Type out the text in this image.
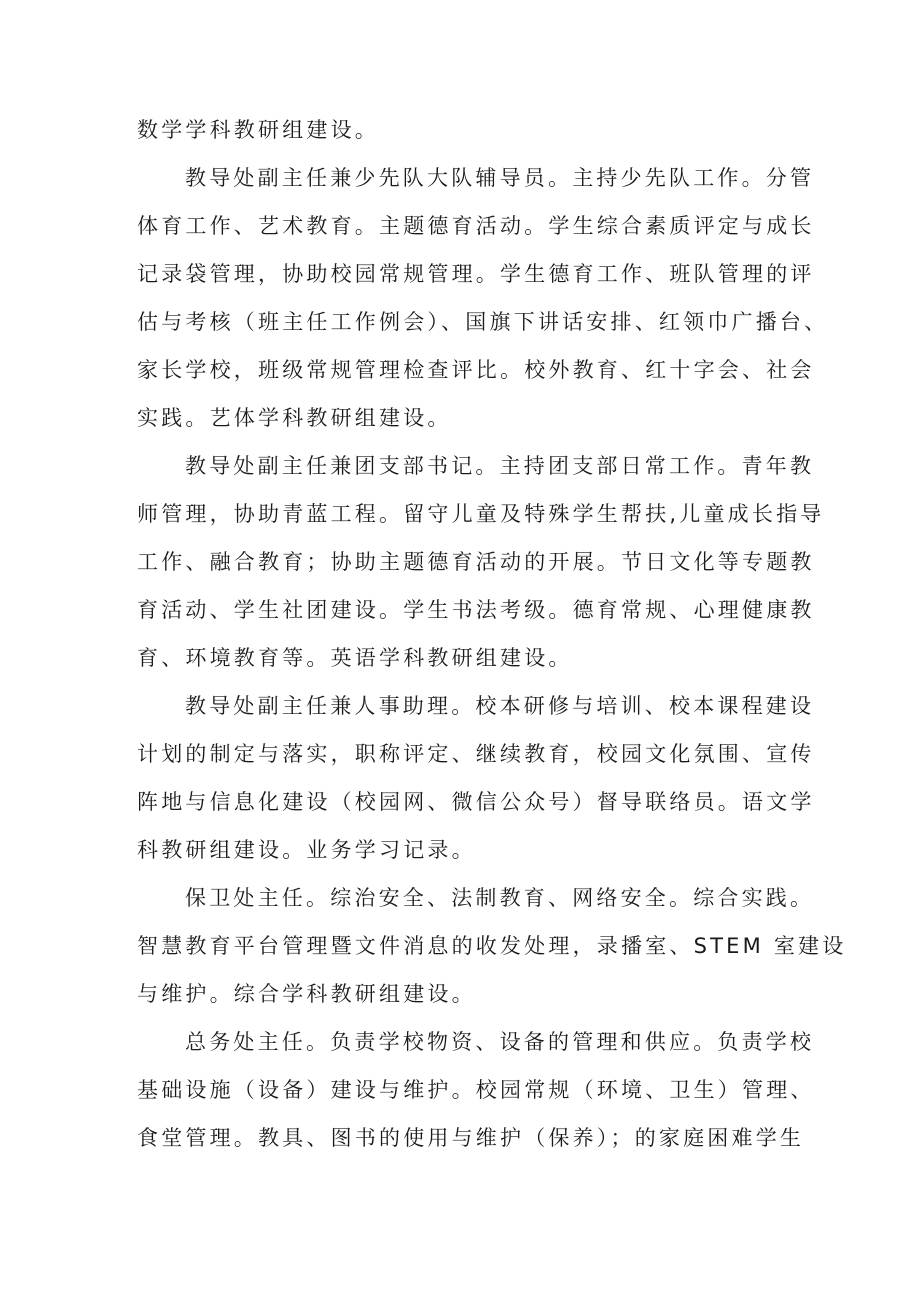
数学学科教研组建设。
教导处副主任兼少先队大队辅导员。主持少先队工作。分管
体育工作、艺术教育。主题德育活动。学生综合素质评定与成长
记录袋管理，协助校园常规管理。学生德育工作、班队管理的评
估与考核（班主任工作例会）、国旗下讲话安排、红领巾广播台、
家长学校，班级常规管理检查评比。校外教育、红十字会、社会
实践。艺体学科教研组建设。
教导处副主任兼团支部书记。主持团支部日常工作。青年教
师管理，协助青蓝工程。留守儿童及特殊学生帮扶,儿童成长指导
工作、融合教育；协助主题德育活动的开展。节日文化等专题教
育活动、学生社团建设。学生书法考级。德育常规、心理健康教
育、环境教育等。英语学科教研组建设。
教导处副主任兼人事助理。校本研修与培训、校本课程建设
计划的制定与落实，职称评定、继续教育，校园文化氛围、宣传
阵地与信息化建设（校园网、微信公众号）督导联络员。语文学
科教研组建设。业务学习记录。
保卫处主任。综治安全、法制教育、网络安全。综合实践。
智慧教育平台管理暨文件消息的收发处理，录播室、STEM 室建设
与维护。综合学科教研组建设。
总务处主任。负责学校物资、设备的管理和供应。负责学校
基础设施（设备）建设与维护。校园常规（环境、卫生）管理、
食堂管理。教具、图书的使用与维护（保养）；的家庭困难学生
